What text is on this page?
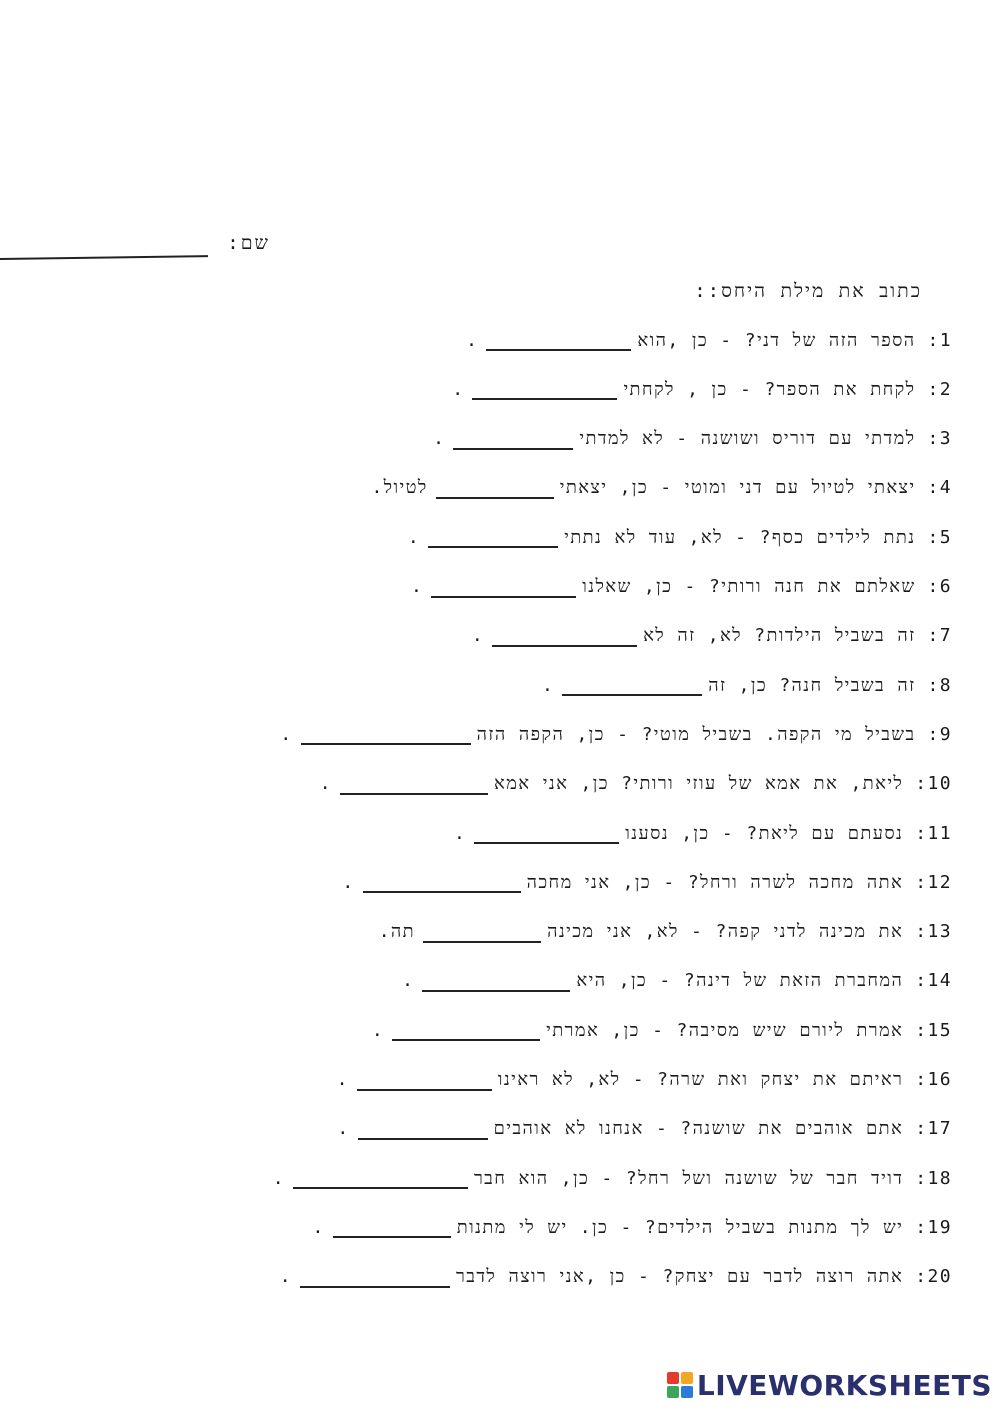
שם:
כתוב את מילת היחס::
1:
הספר הזה של דני? - כן ,הוא
.
2:
לקחת את הספר? - כן , לקחתי
.
3:
למדתי עם דוריס ושושנה - לא למדתי
.
4:
יצאתי לטיול עם דני ומוטי - כן, יצאתי
לטיול.
5:
נתת לילדים כסף? - לא, עוד לא נתתי
.
6:
שאלתם את חנה ורותי? - כן, שאלנו
.
7:
זה בשביל הילדות? לא, זה לא
.
8:
זה בשביל חנה? כן, זה
.
9:
בשביל מי הקפה. בשביל מוטי? - כן, הקפה הזה
.
10:
ליאת, את אמא של עוזי ורותי? כן, אני אמא
.
11:
נסעתם עם ליאת? - כן, נסענו
.
12:
אתה מחכה לשרה ורחל? - כן, אני מחכה
.
13:
את מכינה לדני קפה? - לא, אני מכינה
תה.
14:
המחברת הזאת של דינה? - כן, היא
.
15:
אמרת ליורם שיש מסיבה? - כן, אמרתי
.
16:
ראיתם את יצחק ואת שרה? - לא, לא ראינו
.
17:
אתם אוהבים את שושנה? - אנחנו לא אוהבים
.
18:
דויד חבר של שושנה ושל רחל? - כן, הוא חבר
.
19:
יש לך מתנות בשביל הילדים? - כן. יש לי מתנות
.
20:
אתה רוצה לדבר עם יצחק? - כן ,אני רוצה לדבר
.
LIVEWORKSHEETS
